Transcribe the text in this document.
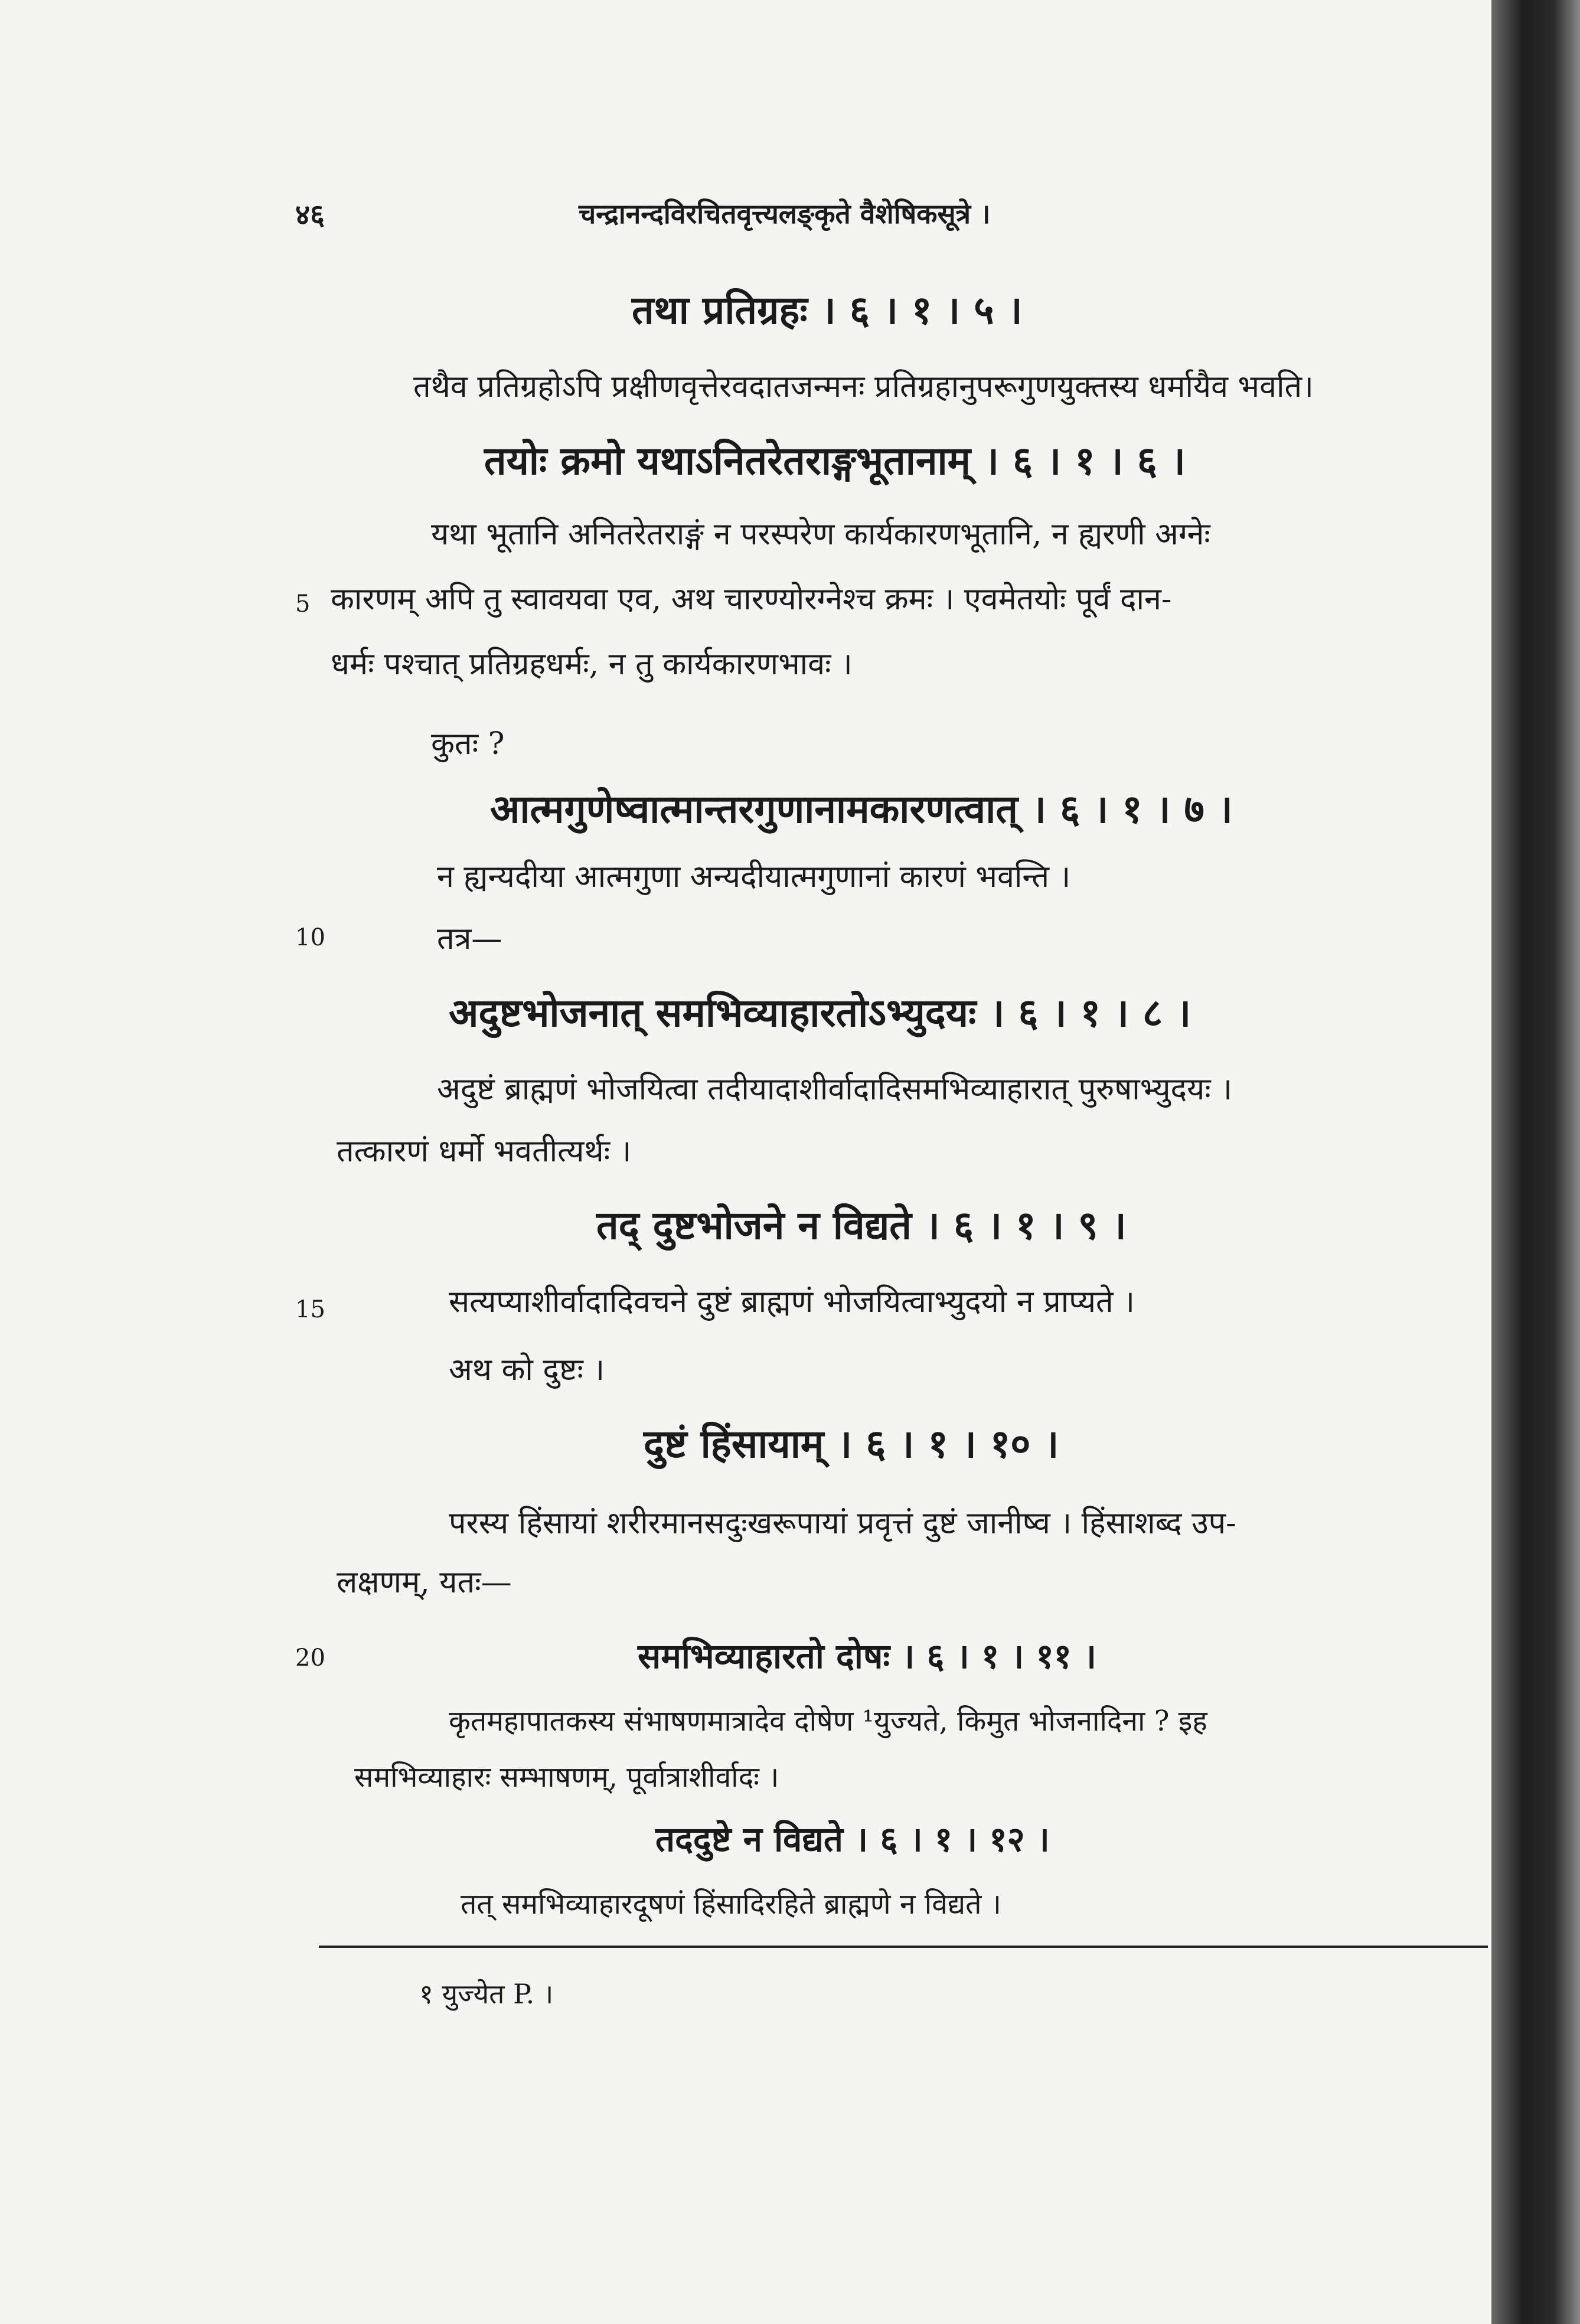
४६	चन्द्रानन्दविरचितवृत्त्यलङ्कृते वैशेषिकसूत्रे ।
5
10
15
तथा प्रतिग्रहः । ६ । १ । ५ ।
तथैव प्रतिग्रहोऽपि प्रक्षीणवृत्तेरवदातजन्मनः प्रतिग्रहानुपरूगुणयुक्तस्य धर्मायैव भवति।
तयोः क्रमो यथाऽनितरेतराङ्गभूतानाम् । ६ । १ । ६ ।
यथा भूतानि अनितरेतराङ्गं न परस्परेण कार्यकारणभूतानि, न ह्यरणी अग्नेः
कारणम् अपि तु स्वावयवा एव, अथ चारण्योरग्नेश्च क्रमः । एवमेतयोः पूर्वं दान-
धर्मः पश्चात् प्रतिग्रहधर्मः, न तु कार्यकारणभावः ।
कुतः ?
आत्मगुणेष्वात्मान्तरगुणानामकारणत्वात् । ६ । १ । ७ ।
न ह्यन्यदीया आत्मगुणा अन्यदीयात्मगुणानां कारणं भवन्ति ।
तत्र—
अदुष्टभोजनात् समभिव्याहारतोऽभ्युदयः । ६ । १ । ८ ।
अदुष्टं ब्राह्मणं भोजयित्वा तदीयादाशीर्वादादिसमभिव्याहारात् पुरुषाभ्युदयः ।
तत्कारणं धर्मो भवतीत्यर्थः ।
तद् दुष्टभोजने न विद्यते । ६ । १ । ९ ।
सत्यप्याशीर्वादादिवचने दुष्टं ब्राह्मणं भोजयित्वाभ्युदयो न प्राप्यते ।
अथ को दुष्टः ।
दुष्टं हिंसायाम् । ६ । १ । १० ।
परस्य हिंसायां शरीरमानसदुःखरूपायां प्रवृत्तं दुष्टं जानीष्व । हिंसाशब्द उप-
लक्षणम्, यतः—
समभिव्याहारतो दोषः । ६ । १ । ११ ।
कृतमहापातकस्य संभाषणमात्रादेव दोषेण ¹युज्यते, किमुत भोजनादिना ? इह
समभिव्याहारः सम्भाषणम्, पूर्वात्राशीर्वादः ।
तददुष्टे न विद्यते । ६ । १ । १२ ।
तत् समभिव्याहारदूषणं हिंसादिरहिते ब्राह्मणे न विद्यते ।
१ युज्येत P. ।
20
